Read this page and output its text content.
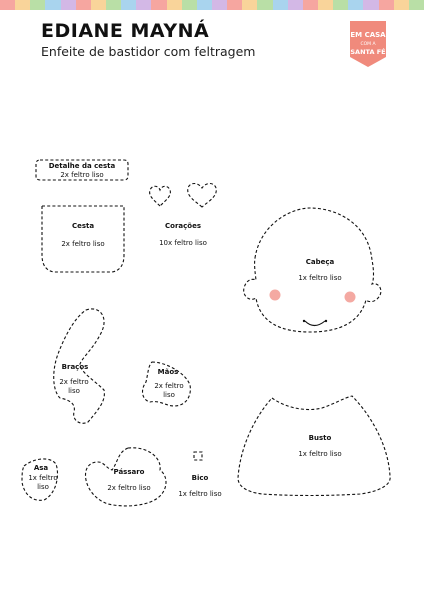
EDIANE MAYNÁ

Enfeite de bastidor com feltragem

EM CASA
COM A
SANTA FÉ
Detalhe da cesta
2x feltro liso
Cesta
2x feltro liso
Corações
10x feltro liso
Cabeça
1x feltro liso
Braços
2x feltro liso
Mãos
2x feltro liso
Busto
1x feltro liso
Asa
1x feltro liso
Pássaro
2x feltro liso
Bico
1x feltro liso
